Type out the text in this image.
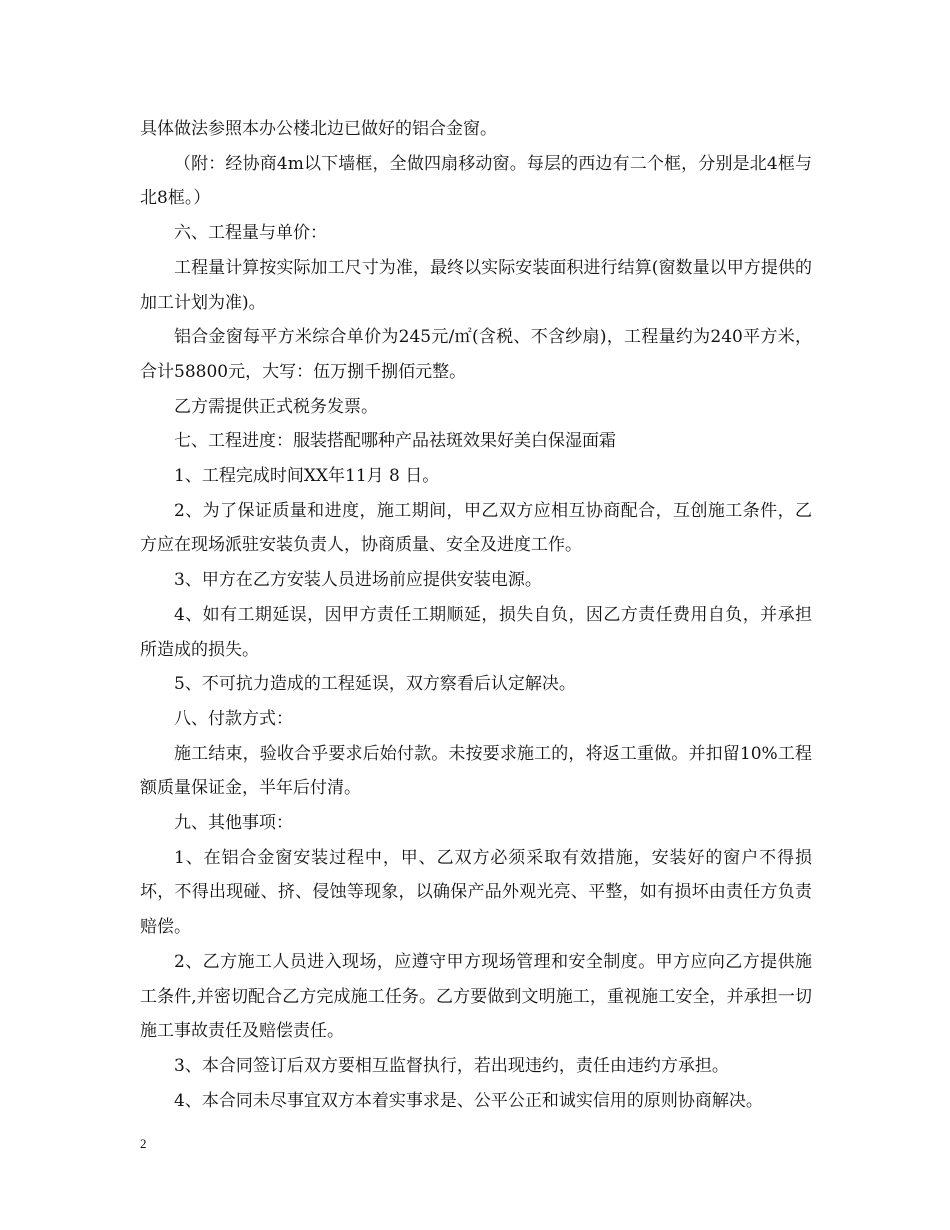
具体做法参照本办公楼北边已做好的铝合金窗。

（附：经协商4m以下墙框，全做四扇移动窗。每层的西边有二个框，分别是北4框与北8框。）

六、工程量与单价：

工程量计算按实际加工尺寸为准，最终以实际安装面积进行结算(窗数量以甲方提供的加工计划为准)。

铝合金窗每平方米综合单价为245元/㎡(含税、不含纱扇)，工程量约为240平方米，合计58800元，大写：伍万捌千捌佰元整。

乙方需提供正式税务发票。

七、工程进度：服装搭配哪种产品祛斑效果好美白保湿面霜

1、工程完成时间XX年11月 8 日。

2、为了保证质量和进度，施工期间，甲乙双方应相互协商配合，互创施工条件，乙方应在现场派驻安装负责人，协商质量、安全及进度工作。

3、甲方在乙方安装人员进场前应提供安装电源。

4、如有工期延误，因甲方责任工期顺延，损失自负，因乙方责任费用自负，并承担所造成的损失。

5、不可抗力造成的工程延误，双方察看后认定解决。

八、付款方式：

施工结束，验收合乎要求后始付款。未按要求施工的，将返工重做。并扣留10%工程额质量保证金，半年后付清。

九、其他事项：

1、在铝合金窗安装过程中，甲、乙双方必须采取有效措施，安装好的窗户不得损坏，不得出现碰、挤、侵蚀等现象，以确保产品外观光亮、平整，如有损坏由责任方负责赔偿。

2、乙方施工人员进入现场，应遵守甲方现场管理和安全制度。甲方应向乙方提供施工条件,并密切配合乙方完成施工任务。乙方要做到文明施工，重视施工安全，并承担一切施工事故责任及赔偿责任。

3、本合同签订后双方要相互监督执行，若出现违约，责任由违约方承担。

4、本合同未尽事宜双方本着实事求是、公平公正和诚实信用的原则协商解决。

2
